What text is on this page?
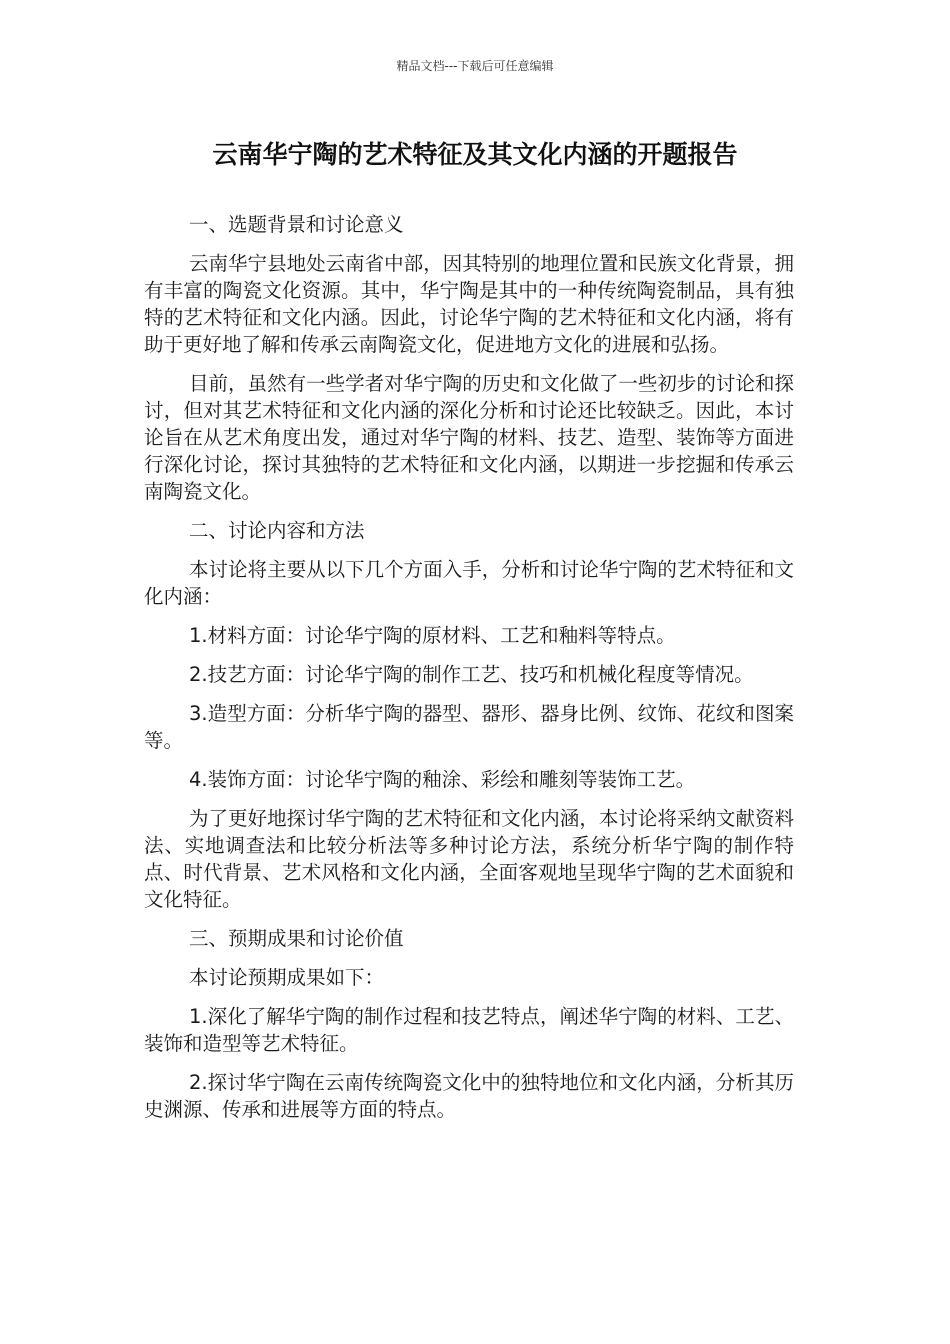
精品文档---下载后可任意编辑
云南华宁陶的艺术特征及其文化内涵的开题报告

一、选题背景和讨论意义

云南华宁县地处云南省中部，因其特别的地理位置和民族文化背景，拥有丰富的陶瓷文化资源。其中，华宁陶是其中的一种传统陶瓷制品，具有独特的艺术特征和文化内涵。因此，讨论华宁陶的艺术特征和文化内涵，将有助于更好地了解和传承云南陶瓷文化，促进地方文化的进展和弘扬。

目前，虽然有一些学者对华宁陶的历史和文化做了一些初步的讨论和探讨，但对其艺术特征和文化内涵的深化分析和讨论还比较缺乏。因此，本讨论旨在从艺术角度出发，通过对华宁陶的材料、技艺、造型、装饰等方面进行深化讨论，探讨其独特的艺术特征和文化内涵，以期进一步挖掘和传承云南陶瓷文化。

二、讨论内容和方法

本讨论将主要从以下几个方面入手，分析和讨论华宁陶的艺术特征和文化内涵：

1.材料方面：讨论华宁陶的原材料、工艺和釉料等特点。

2.技艺方面：讨论华宁陶的制作工艺、技巧和机械化程度等情况。

3.造型方面：分析华宁陶的器型、器形、器身比例、纹饰、花纹和图案等。

4.装饰方面：讨论华宁陶的釉涂、彩绘和雕刻等装饰工艺。

为了更好地探讨华宁陶的艺术特征和文化内涵，本讨论将采纳文献资料法、实地调查法和比较分析法等多种讨论方法，系统分析华宁陶的制作特点、时代背景、艺术风格和文化内涵，全面客观地呈现华宁陶的艺术面貌和文化特征。

三、预期成果和讨论价值

本讨论预期成果如下：

1.深化了解华宁陶的制作过程和技艺特点，阐述华宁陶的材料、工艺、装饰和造型等艺术特征。

2.探讨华宁陶在云南传统陶瓷文化中的独特地位和文化内涵，分析其历史渊源、传承和进展等方面的特点。
